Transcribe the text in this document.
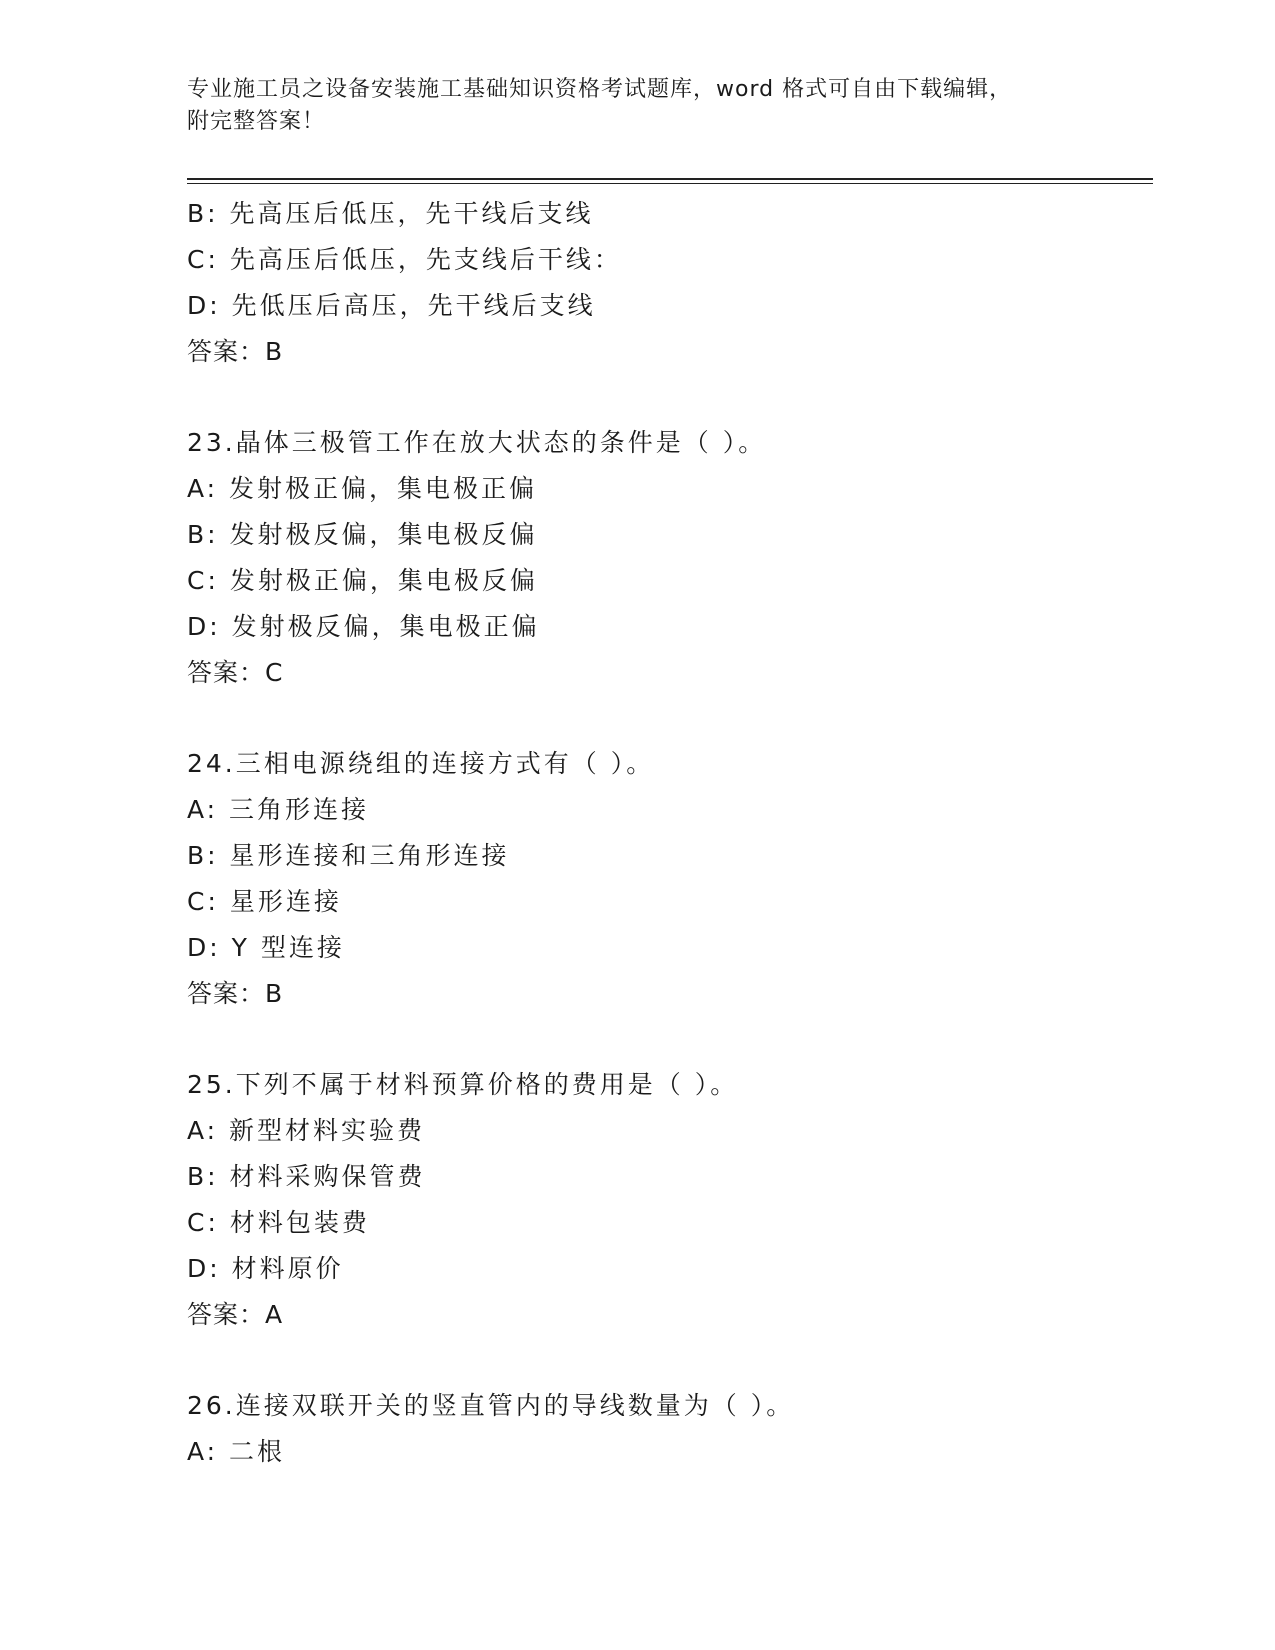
专业施工员之设备安装施工基础知识资格考试题库，word 格式可自由下载编辑，
附完整答案！
B: 先高压后低压，先干线后支线
C: 先高压后低压，先支线后干线：
D: 先低压后高压，先干线后支线
答案：B
23.晶体三极管工作在放大状态的条件是（ ）。
A: 发射极正偏，集电极正偏
B: 发射极反偏，集电极反偏
C: 发射极正偏，集电极反偏
D: 发射极反偏，集电极正偏
答案：C
24.三相电源绕组的连接方式有（ ）。
A: 三角形连接
B: 星形连接和三角形连接
C: 星形连接
D: Y 型连接
答案：B
25.下列不属于材料预算价格的费用是（ ）。
A: 新型材料实验费
B: 材料采购保管费
C: 材料包装费
D: 材料原价
答案：A
26.连接双联开关的竖直管内的导线数量为（ ）。
A: 二根
